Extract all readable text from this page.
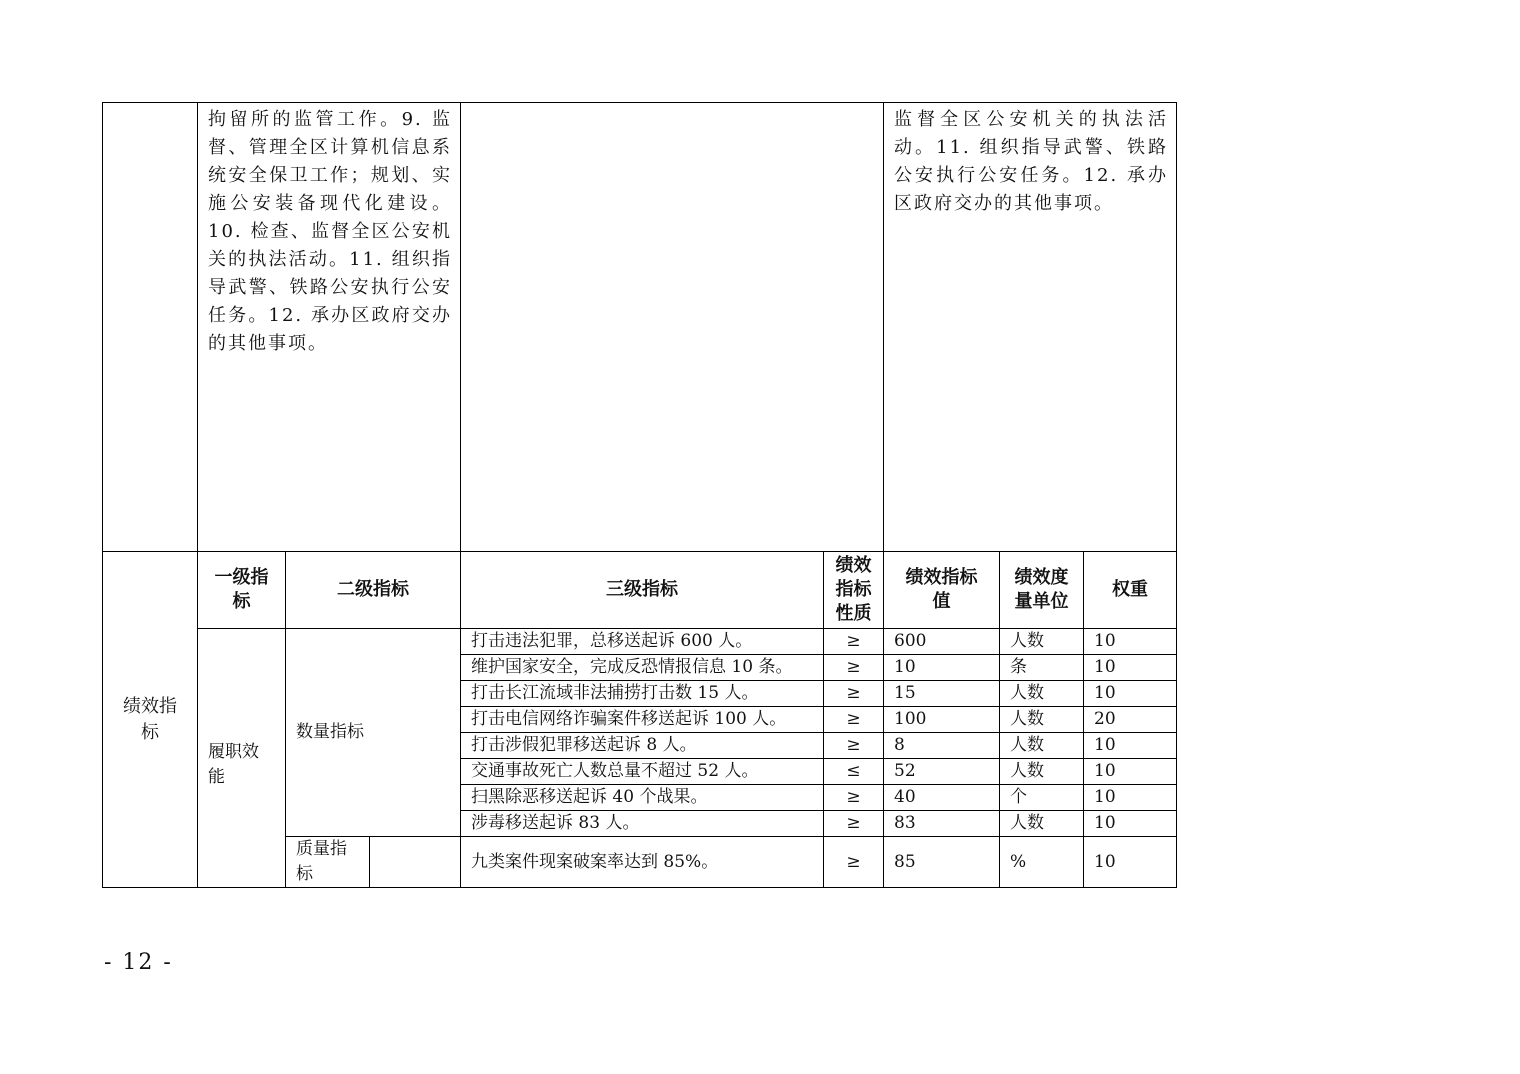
	拘留所的监管工作。9. 监督、管理全区计算机信息系统安全保卫工作；规划、实施公安装备现代化建设。10. 检查、监督全区公安机关的执法活动。11. 组织指导武警、铁路公安执行公安任务。12. 承办区政府交办的其他事项。					监督全区公安机关的执法活动。11. 组织指导武警、铁路公安执行公安任务。12. 承办区政府交办的其他事项。		

绩效指标	一级指标	二级指标		三级指标	绩效指标性质	绩效指标值	绩效度量单位	权重

	履职效能	数量指标		打击违法犯罪，总移送起诉 600 人。	≥	600	人数	10
				维护国家安全，完成反恐情报信息 10 条。	≥	10	条	10
				打击长江流域非法捕捞打击数 15 人。	≥	15	人数	10
				打击电信网络诈骗案件移送起诉 100 人。	≥	100	人数	20
				打击涉假犯罪移送起诉 8 人。	≥	8	人数	10
				交通事故死亡人数总量不超过 52 人。	≤	52	人数	10
				扫黑除恶移送起诉 40 个战果。	≥	40	个	10
				涉毒移送起诉 83 人。	≥	83	人数	10

		质量指标		九类案件现案破案率达到 85%。	≥	85	%	10
- 12 -
